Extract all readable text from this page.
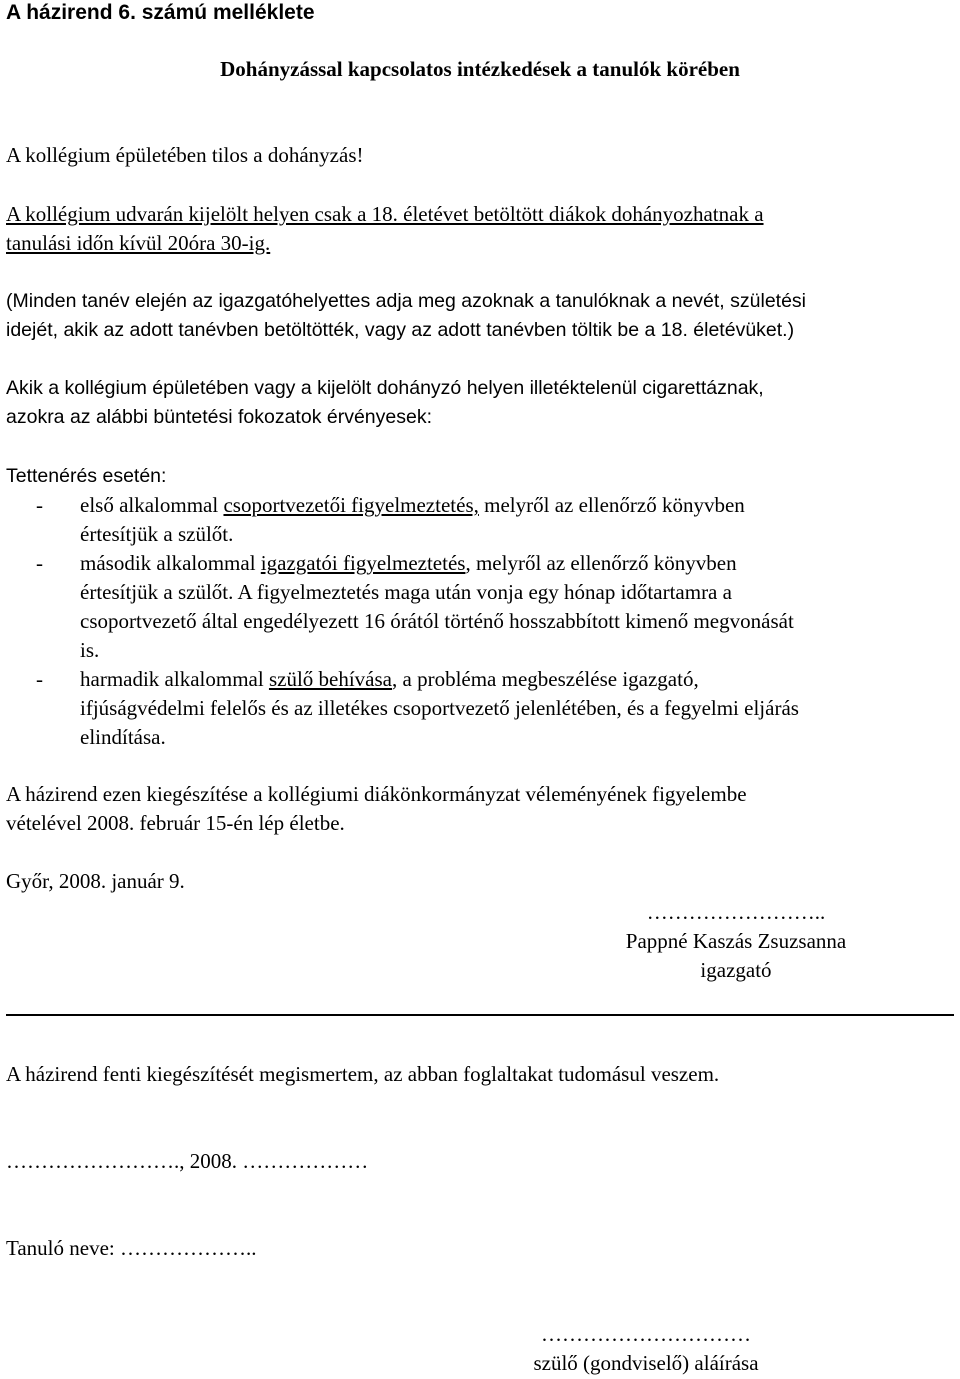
A házirend 6. számú melléklete
Dohányzással kapcsolatos intézkedések a tanulók körében
A kollégium épületében tilos a dohányzás!
A kollégium udvarán kijelölt helyen csak a 18. életévet betöltött diákok dohányozhatnak a
tanulási időn kívül 20óra 30-ig.
(Minden tanév elején az igazgatóhelyettes adja meg azoknak a tanulóknak a nevét, születési
idejét, akik az adott tanévben betöltötték, vagy az adott tanévben töltik be a 18. életévüket.)
Akik a kollégium épületében vagy a kijelölt dohányzó helyen illetéktelenül cigarettáznak,
azokra az alábbi büntetési fokozatok érvényesek:
Tettenérés esetén:
- első alkalommal csoportvezetői figyelmeztetés, melyről az ellenőrző könyvben
értesítjük a szülőt.
- második alkalommal igazgatói figyelmeztetés, melyről az ellenőrző könyvben
értesítjük a szülőt. A figyelmeztetés maga után vonja egy hónap időtartamra a
csoportvezető által engedélyezett 16 órától történő hosszabbított kimenő megvonását
is.
- harmadik alkalommal szülő behívása, a probléma megbeszélése igazgató,
ifjúságvédelmi felelős és az illetékes csoportvezető jelenlétében, és a fegyelmi eljárás
elindítása.
A házirend ezen kiegészítése a kollégiumi diákönkormányzat véleményének figyelembe
vételével 2008. február 15-én lép életbe.
Győr, 2008. január 9.
……………………..
Pappné Kaszás Zsuzsanna
igazgató
A házirend fenti kiegészítését megismertem, az abban foglaltakat tudomásul veszem.
……………………., 2008. ………………
Tanuló neve: ………………..
…………………………
szülő (gondviselő) aláírása
